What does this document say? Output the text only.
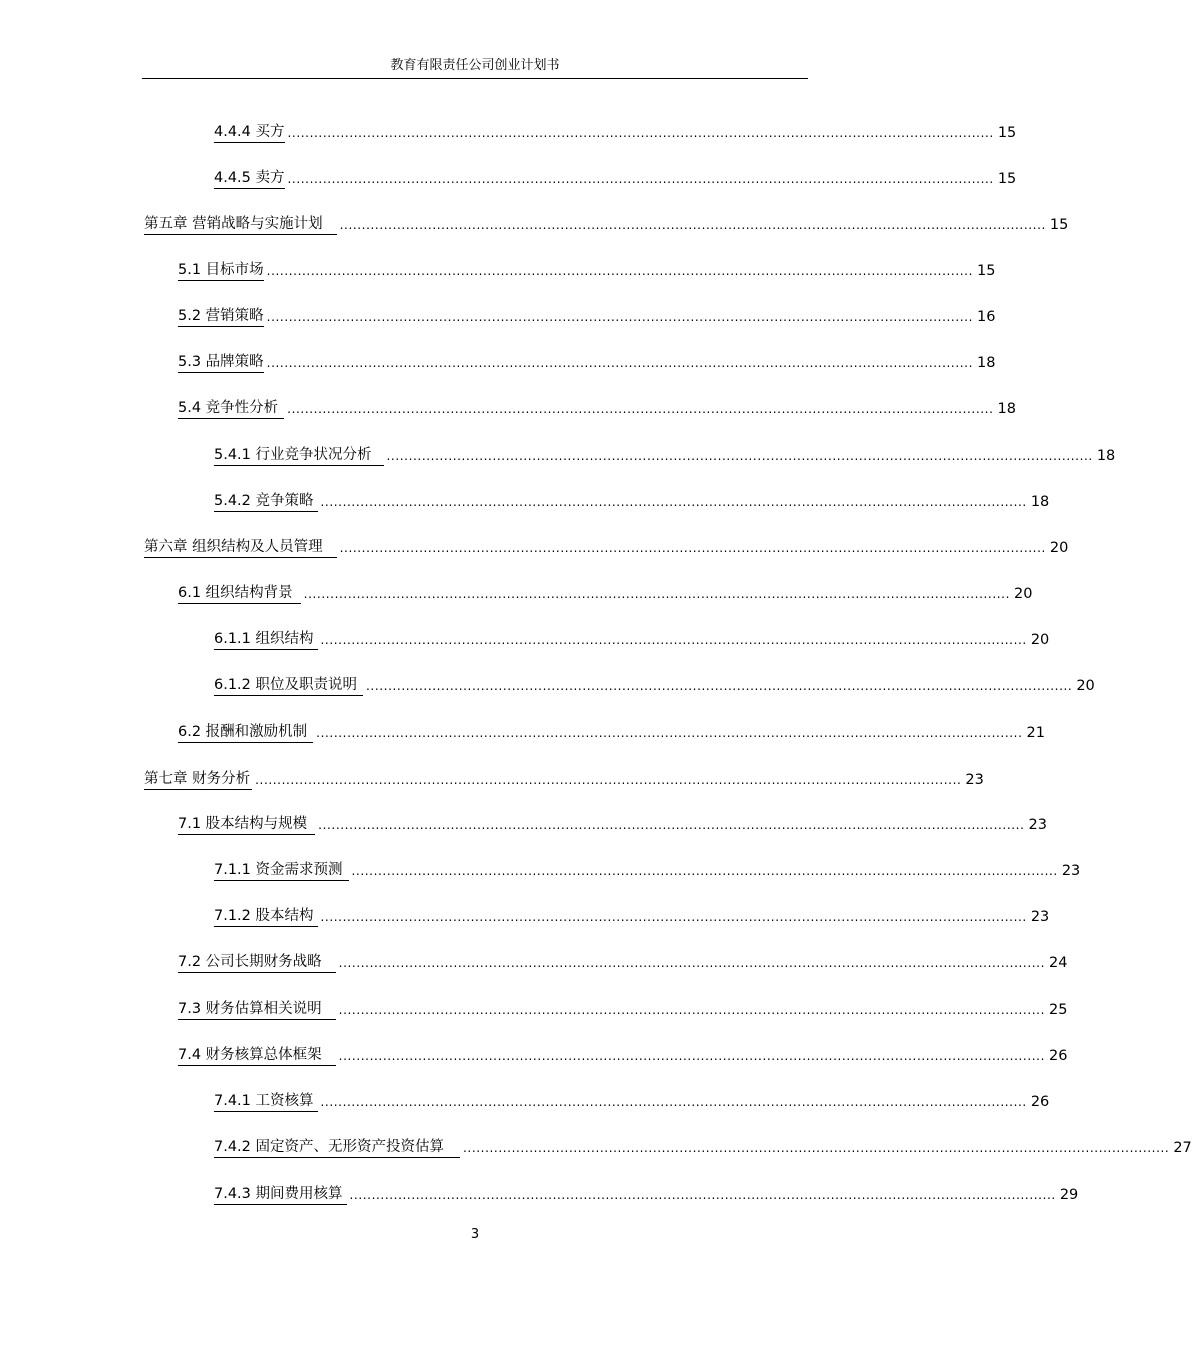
教育有限责任公司创业计划书
4.4.4 买方 ................................................................................................................................................................ 15
4.4.5 卖方 ................................................................................................................................................................ 15
第五章 营销战略与实施计划	................................................................................................................................................................ 15
5.1 目标市场 ................................................................................................................................................................ 15
5.2 营销策略 ................................................................................................................................................................ 16
5.3 品牌策略 ................................................................................................................................................................ 18
5.4 竞争性分析 ................................................................................................................................................................ 18
5.4.1 行业竞争状况分析	................................................................................................................................................................ 18
5.4.2 竞争策略 ................................................................................................................................................................ 18
第六章 组织结构及人员管理	................................................................................................................................................................ 20
6.1 组织结构背景 ................................................................................................................................................................ 20
6.1.1 组织结构 ................................................................................................................................................................ 20
6.1.2 职位及职责说明 ................................................................................................................................................................ 20
6.2 报酬和激励机制 ................................................................................................................................................................ 21
第七章 财务分析 ................................................................................................................................................................ 23
7.1 股本结构与规模 ................................................................................................................................................................ 23
7.1.1 资金需求预测 ................................................................................................................................................................ 23
7.1.2 股本结构 ................................................................................................................................................................ 23
7.2 公司长期财务战略	................................................................................................................................................................ 24
7.3 财务估算相关说明	................................................................................................................................................................ 25
7.4 财务核算总体框架	................................................................................................................................................................ 26
7.4.1 工资核算 ................................................................................................................................................................ 26
7.4.2 固定资产、无形资产投资估算	................................................................................................................................................................ 27
7.4.3 期间费用核算 ................................................................................................................................................................ 29
3
